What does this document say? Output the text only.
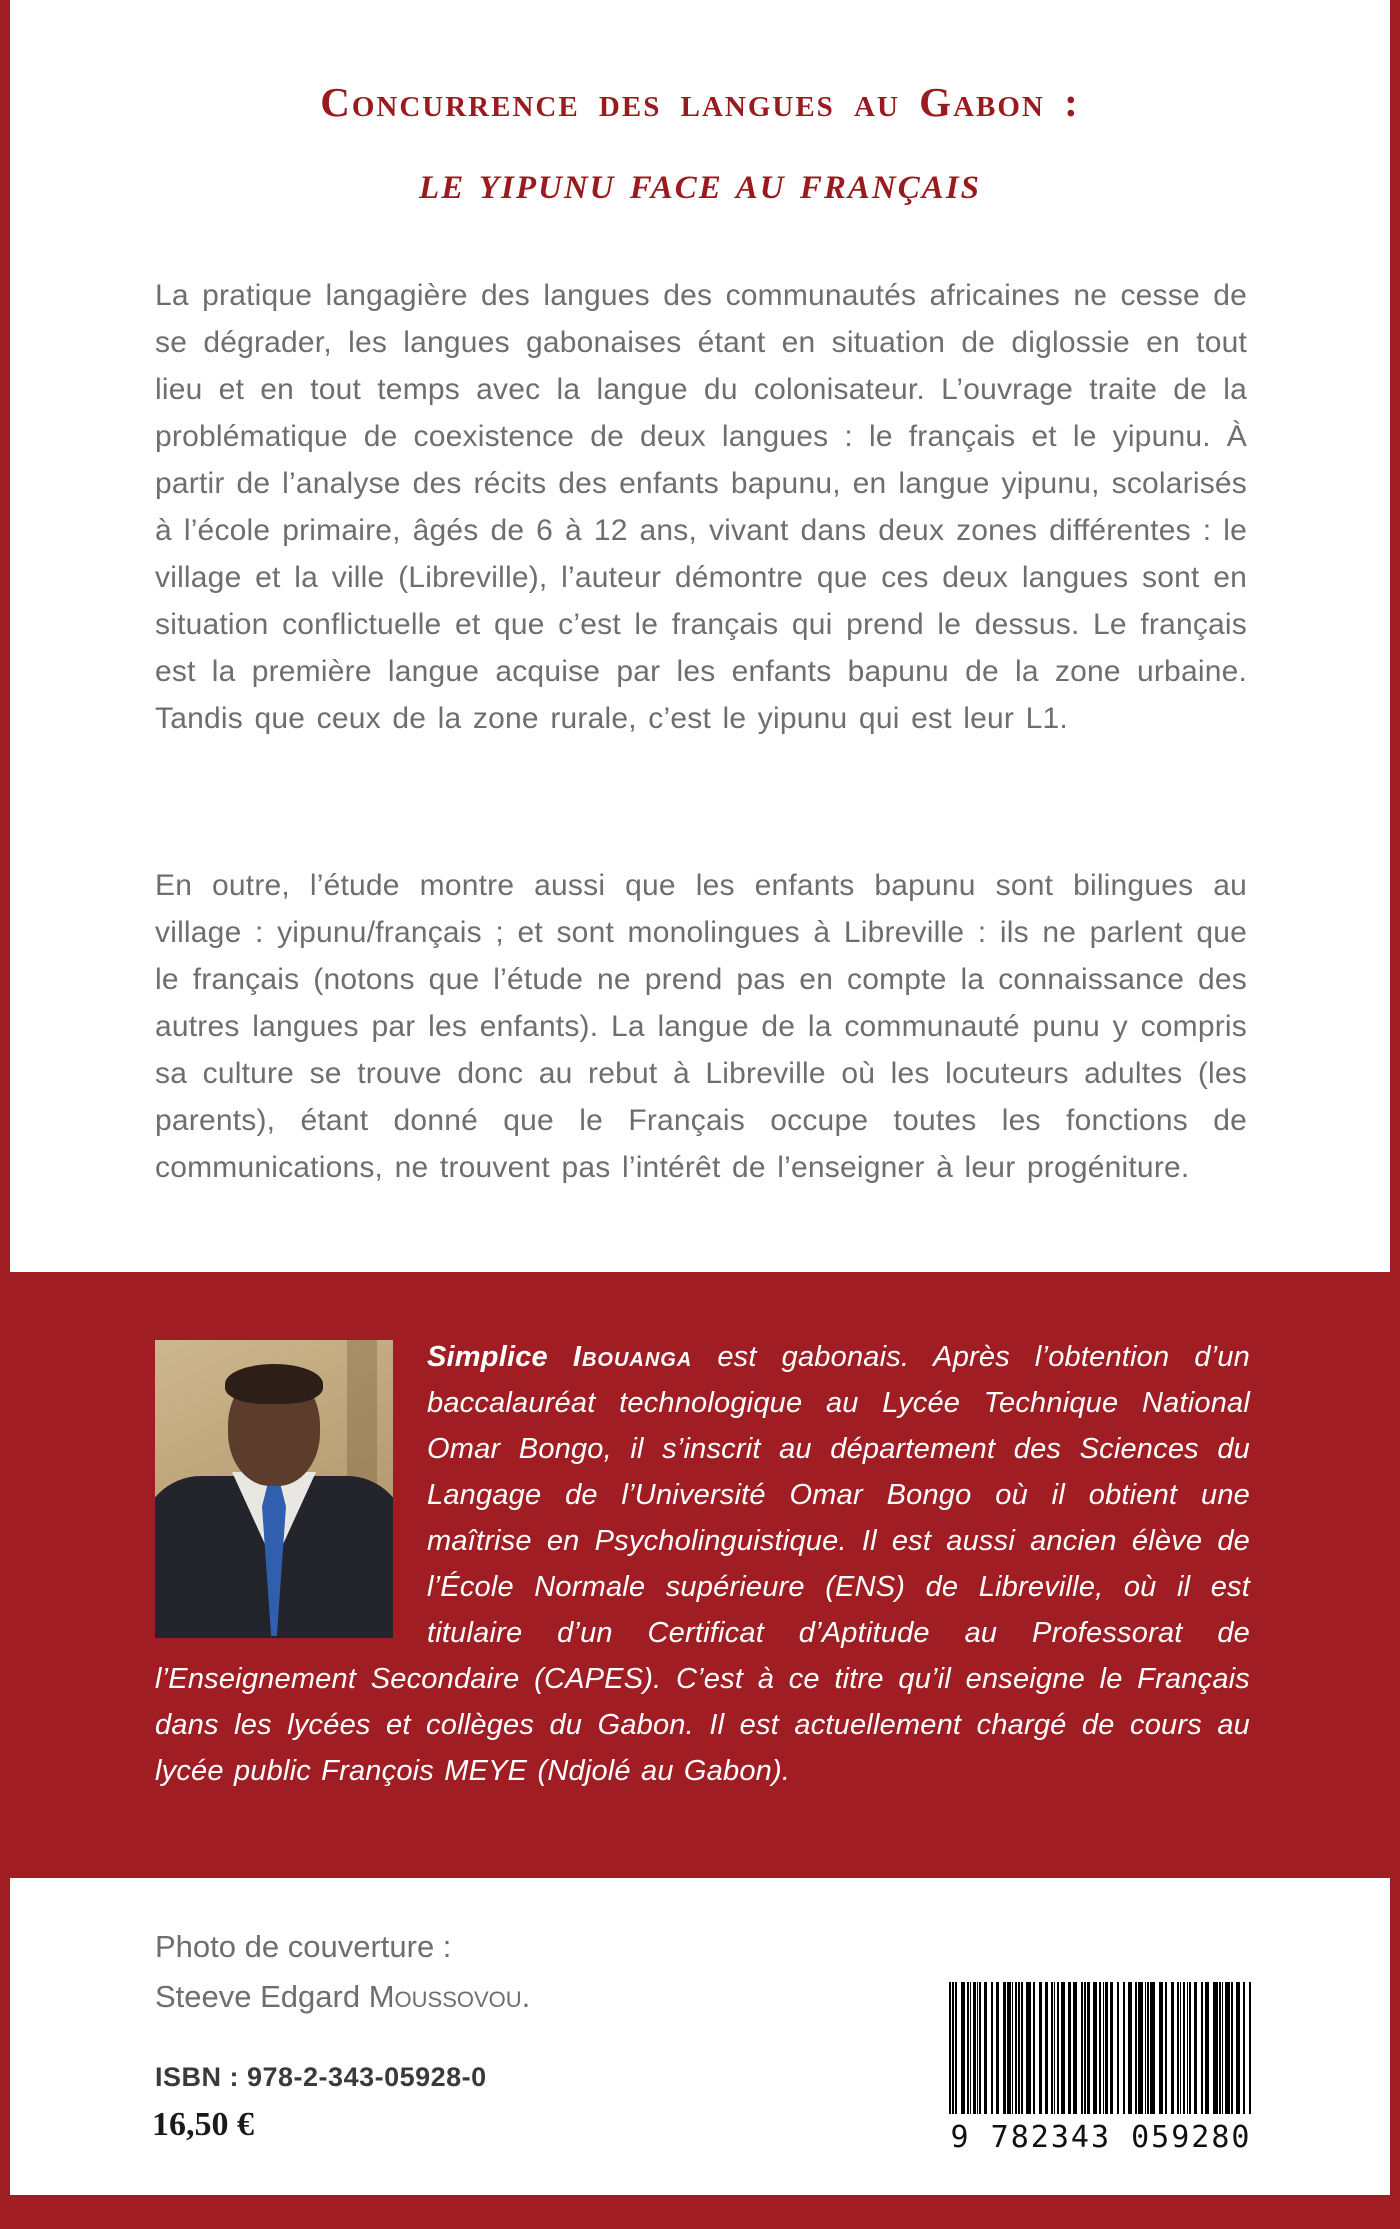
Concurrence des langues au Gabon :
LE YIPUNU FACE AU FRANÇAIS

La pratique langagière des langues des communautés africaines ne cesse de se dégrader, les langues gabonaises étant en situation de diglossie en tout lieu et en tout temps avec la langue du colonisateur. L’ouvrage traite de la problématique de coexistence de deux langues : le français et le yipunu. À partir de l’analyse des récits des enfants bapunu, en langue yipunu, scolarisés à l’école primaire, âgés de 6 à 12 ans, vivant dans deux zones différentes : le village et la ville (Libreville), l’auteur démontre que ces deux langues sont en situation conflictuelle et que c’est le français qui prend le dessus. Le français est la première langue acquise par les enfants bapunu de la zone urbaine. Tandis que ceux de la zone rurale, c’est le yipunu qui est leur L1.

En outre, l’étude montre aussi que les enfants bapunu sont bilingues au village : yipunu/français ; et sont monolingues à Libreville : ils ne parlent que le français (notons que l’étude ne prend pas en compte la connaissance des autres langues par les enfants). La langue de la communauté punu y compris sa culture se trouve donc au rebut à Libreville où les locuteurs adultes (les parents), étant donné que le Français occupe toutes les fonctions de communications, ne trouvent pas l’intérêt de l’enseigner à leur progéniture.

Simplice Ibouanga est gabonais. Après l’obtention d’un baccalauréat technologique au Lycée Technique National Omar Bongo, il s’inscrit au département des Sciences du Langage de l’Université Omar Bongo où il obtient une maîtrise en Psycholinguistique. Il est aussi ancien élève de l’École Normale supérieure (ENS) de Libreville, où il est titulaire d’un Certificat d’Aptitude au Professorat de l’Enseignement Secondaire (CAPES). C’est à ce titre qu’il enseigne le Français dans les lycées et collèges du Gabon. Il est actuellement chargé de cours au lycée public François MEYE (Ndjolé au Gabon).

Photo de couverture :
Steeve Edgard Moussovou.
ISBN : 978-2-343-05928-0
16,50 €	9 782343 059280
